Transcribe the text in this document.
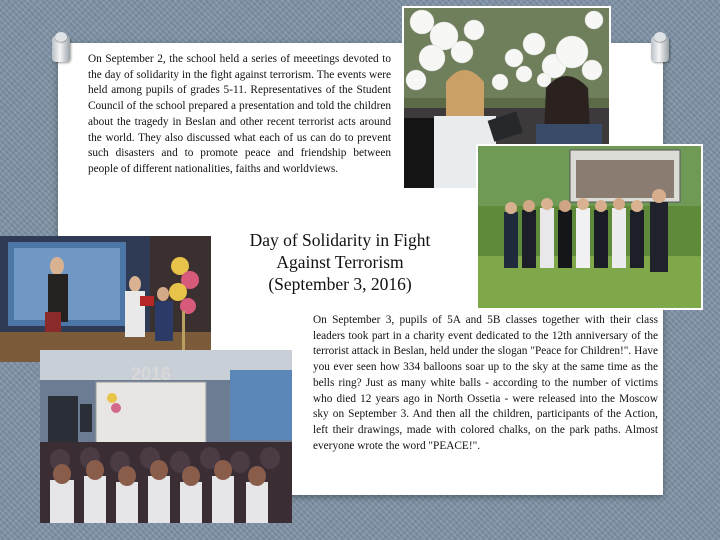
On September 2, the school held a series of meeetings devoted to the day of solidarity in the fight against terrorism. The events were held among pupils of grades 5-11. Representatives of the Student Council of the school prepared a presentation and told the children about the tragedy in Beslan and other recent terrorist acts around the world. They also discussed what each of us can do to prevent such disasters and to promote peace and friendship between people of different nationalities, faiths and worldviews.
Day of Solidarity in Fight
Against Terrorism
(September 3, 2016)
2016
On September 3, pupils of 5A and 5B classes together with their class leaders took part in a charity event dedicated to the 12th anniversary of the terrorist attack in Beslan, held under the slogan "Peace for Children!". Have you ever seen how 334 balloons soar up to the sky at the same time as the bells ring? Just as many white balls - according to the number of victims who died 12 years ago in North Ossetia - were released into the Moscow sky on September 3. And then all the children, participants of the Action, left their drawings, made with colored chalks, on the park paths. Almost everyone wrote the word "PEACE!".
